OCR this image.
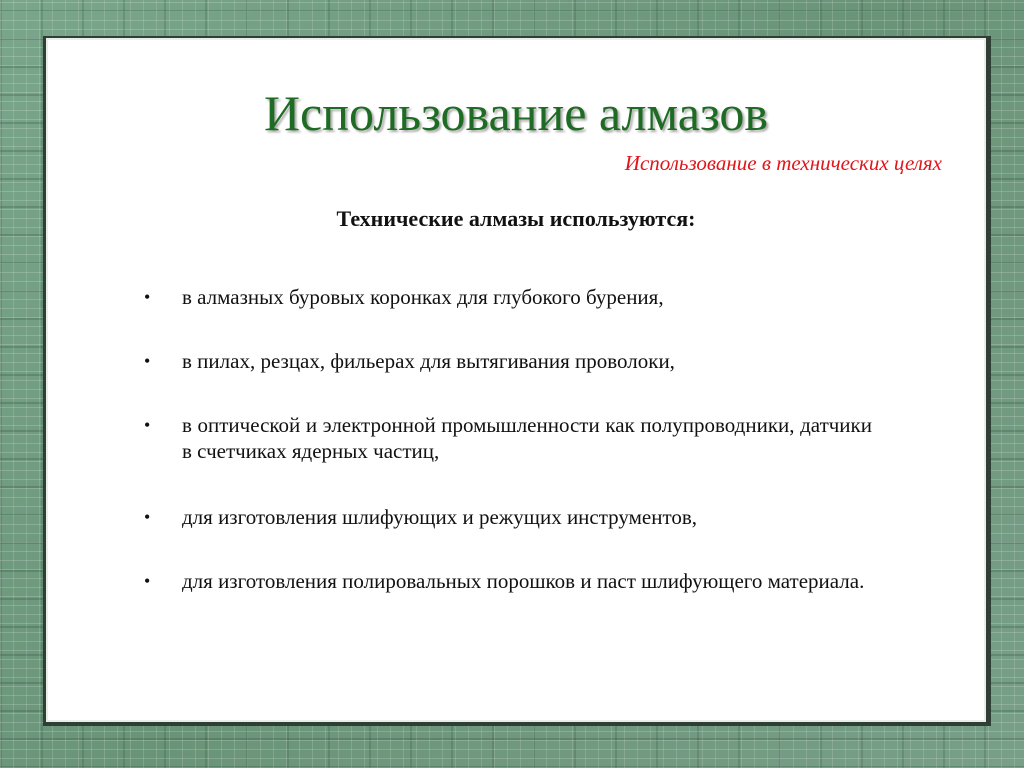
Использование алмазов
Использование в технических целях
Технические алмазы используются:
• в алмазных буровых коронках для глубокого бурения,
• в пилах, резцах, фильерах для вытягивания проволоки,
• в оптической и электронной промышленности как полупроводники, датчики в счетчиках ядерных частиц,
• для изготовления шлифующих и режущих инструментов,
• для изготовления полировальных порошков и паст шлифующего материала.
